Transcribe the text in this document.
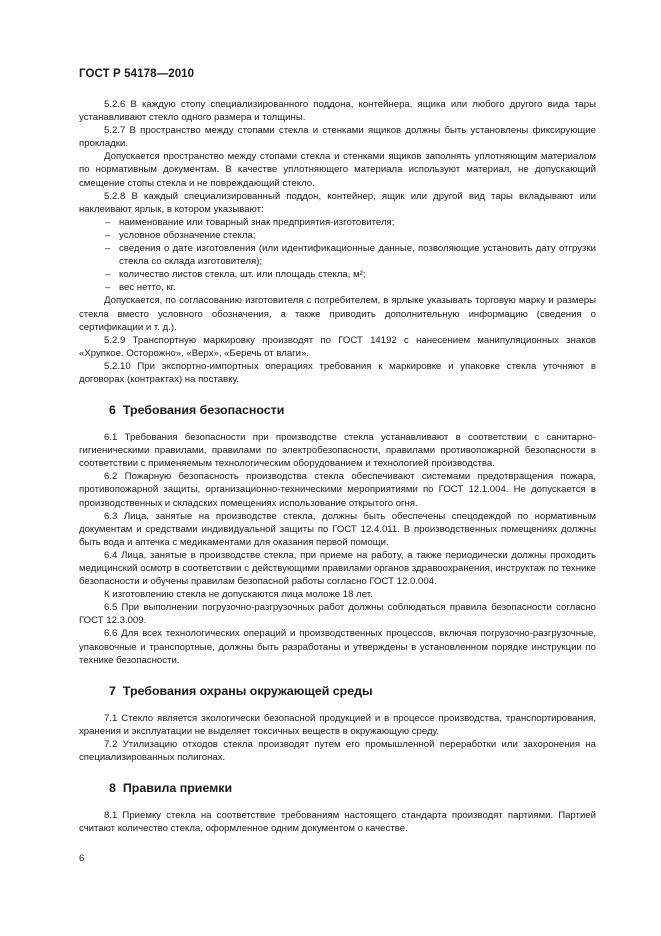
ГОСТ Р 54178—2010

5.2.6 В каждую стопу специализированного поддона, контейнера, ящика или любого другого вида тары устанавливают стекло одного размера и толщины.

5.2.7 В пространство между стопами стекла и стенками ящиков должны быть установлены фиксирующие прокладки.

Допускается пространство между стопами стекла и стенками ящиков заполнять уплотняющим материалом по нормативным документам. В качестве уплотняющего материала используют материал, не допускающий смещение стопы стекла и не повреждающий стекло.

5.2.8 В каждый специализированный поддон, контейнер, ящик или другой вид тары вкладывают или наклеивают ярлык, в котором указывают:

– наименование или товарный знак предприятия-изготовителя;

– условное обозначение стекла;

– сведения о дате изготовления (или идентификационные данные, позволяющие установить дату отгрузки стекла со склада изготовителя);

– количество листов стекла, шт. или площадь стекла, м²;

– вес нетто, кг.

Допускается, по согласованию изготовителя с потребителем, в ярлыке указывать торговую марку и размеры стекла вместо условного обозначения, а также приводить дополнительную информацию (сведения о сертификации и т. д.).

5.2.9 Транспортную маркировку производят по ГОСТ 14192 с нанесением манипуляционных знаков «Хрупкое. Осторожно», «Верх», «Беречь от влаги».

5.2.10 При экспортно-импортных операциях требования к маркировке и упаковке стекла уточняют в договорах (контрактах) на поставку.

6 Требования безопасности

6.1 Требования безопасности при производстве стекла устанавливают в соответствии с санитарно-гигиеническими правилами, правилами по электробезопасности, правилами противопожарной безопасности в соответствии с применяемым технологическим оборудованием и технологией производства.

6.2 Пожарную безопасность производства стекла обеспечивают системами предотвращения пожара, противопожарной защиты, организационно-техническими мероприятиями по ГОСТ 12.1.004. Не допускается в производственных и складских помещениях использование открытого огня.

6.3 Лица, занятые на производстве стекла, должны быть обеспечены спецодеждой по нормативным документам и средствами индивидуальной защиты по ГОСТ 12.4.011. В производственных помещениях должны быть вода и аптечка с медикаментами для оказания первой помощи.

6.4 Лица, занятые в производстве стекла, при приеме на работу, а также периодически должны проходить медицинский осмотр в соответствии с действующими правилами органов здравоохранения, инструктаж по технике безопасности и обучены правилам безопасной работы согласно ГОСТ 12.0.004.

К изготовлению стекла не допускаются лица моложе 18 лет.

6.5 При выполнении погрузочно-разгрузочных работ должны соблюдаться правила безопасности согласно ГОСТ 12.3.009.

6.6 Для всех технологических операций и производственных процессов, включая погрузочно-разгрузочные, упаковочные и транспортные, должны быть разработаны и утверждены в установленном порядке инструкции по технике безопасности.

7 Требования охраны окружающей среды

7.1 Стекло является экологически безопасной продукцией и в процессе производства, транспортирования, хранения и эксплуатации не выделяет токсичных веществ в окружающую среду.

7.2 Утилизацию отходов стекла производят путем его промышленной переработки или захоронения на специализированных полигонах.

8 Правила приемки

8.1 Приемку стекла на соответствие требованиям настоящего стандарта производят партиями. Партией считают количество стекла, оформленное одним документом о качестве.

6
